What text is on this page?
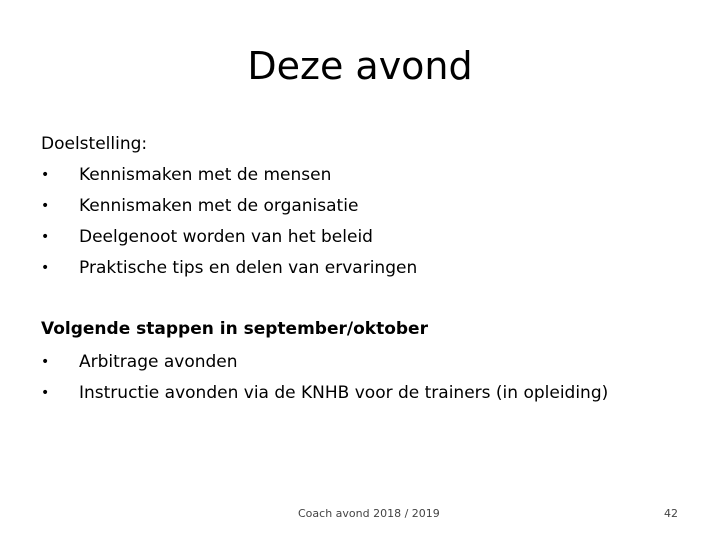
Deze avond
Doelstelling:
•	Kennismaken met de mensen
•	Kennismaken met de organisatie
•	Deelgenoot worden van het beleid
•	Praktische tips en delen van ervaringen
Volgende stappen in september/oktober
•	Arbitrage avonden
•	Instructie avonden via de KNHB voor de trainers (in opleiding)
Coach avond 2018 / 2019	42
